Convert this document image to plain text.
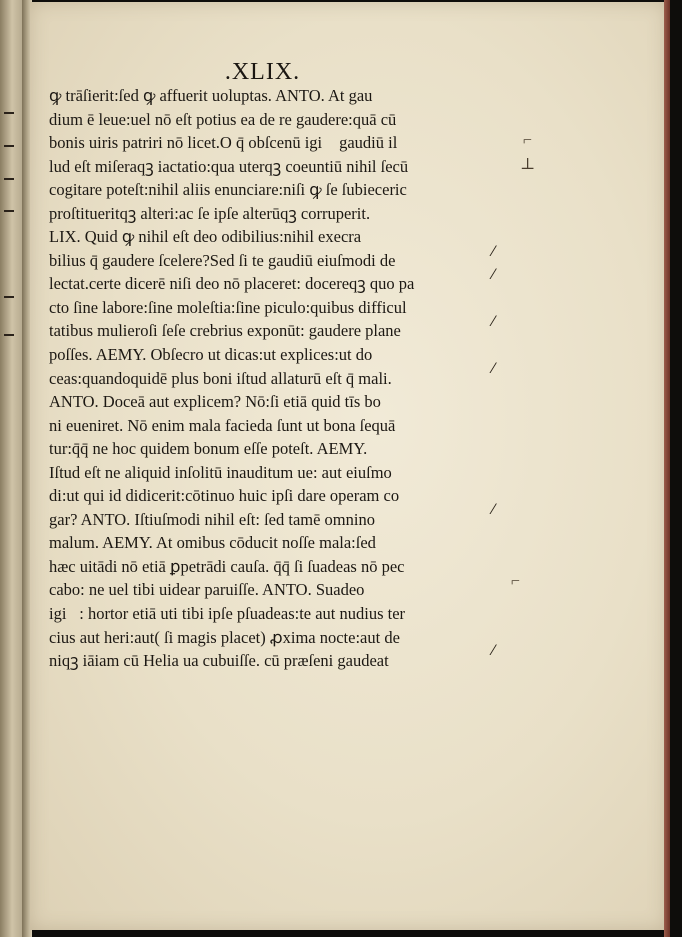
.XLIX.
ꝙ trāſierit:ſed ꝙ affuerit uoluptas. ANTO. At gau
dium ē leue:uel nō eſt potius ea de re gaudere:quā cū
bonis uiris patriri nō licet.O q̄ obſcenū igiᷓ gaudiū il
lud eſt miſeraqꝫ iactatio:qua uterqꝫ coeuntiū nihil ſecū
cogitare poteſt:nihil aliis enunciare:niſi ꝙ ſe ſubieceric
proſtitueritqꝫ alteri:ac ſe ipſe alterūqꝫ corruperit.
LIX. Quid ꝙ nihil eſt deo odibilius:nihil execra
bilius q̄ gaudere ſcelere?Sed ſi te gaudiū eiuſmodi de
lectat.certe dicerē niſi deo nō placeret: docereqꝫ quo pa
cto ſine labore:ſine moleſtia:ſine piculo:quibus difficul
tatibus mulieroſi ſeſe crebrius exponūt: gaudere plane
poſſes. AEMY. Obſecro ut dicas:ut explices:ut do
ceas:quandoquidē plus boni iſtud allaturū eſt q̄ mali.
ANTO. Doceā aut explicem? Nō:ſi etiā quid tīs bo
ni eueniret. Nō enim mala facieda ſunt ut bona ſequā
tur:q̄q̄ ne hoc quidem bonum eſſe poteſt. AEMY.
Iſtud eſt ne aliquid inſolitū inauditum ue: aut eiuſmo
di:ut qui id didicerit:cōtinuo huic ipſi dare operam co
gar? ANTO. Iſtiuſmodi nihil eſt: ſed tamē omnino
malum. AEMY. At omibus cōducit noſſe mala:ſed
hæc uitādi nō etiā ꝑpetrādi cauſa. q̄q̄ ſi ſuadeas nō pec
cabo: ne uel tibi uidear paruiſſe. ANTO. Suadeo
igiᷓ: hortor etiā uti tibi ipſe pſuadeas:te aut nudius ter
cius aut heri:aut( ſi magis placet) ꝓxima nocte:aut de
niqꝫ iāiam cū Helia ua cubuiſſe. cū præſeni gaudeat
⁄
⁄
⁄
⁄
⁄
⁄
⌐
⊥
⌐
